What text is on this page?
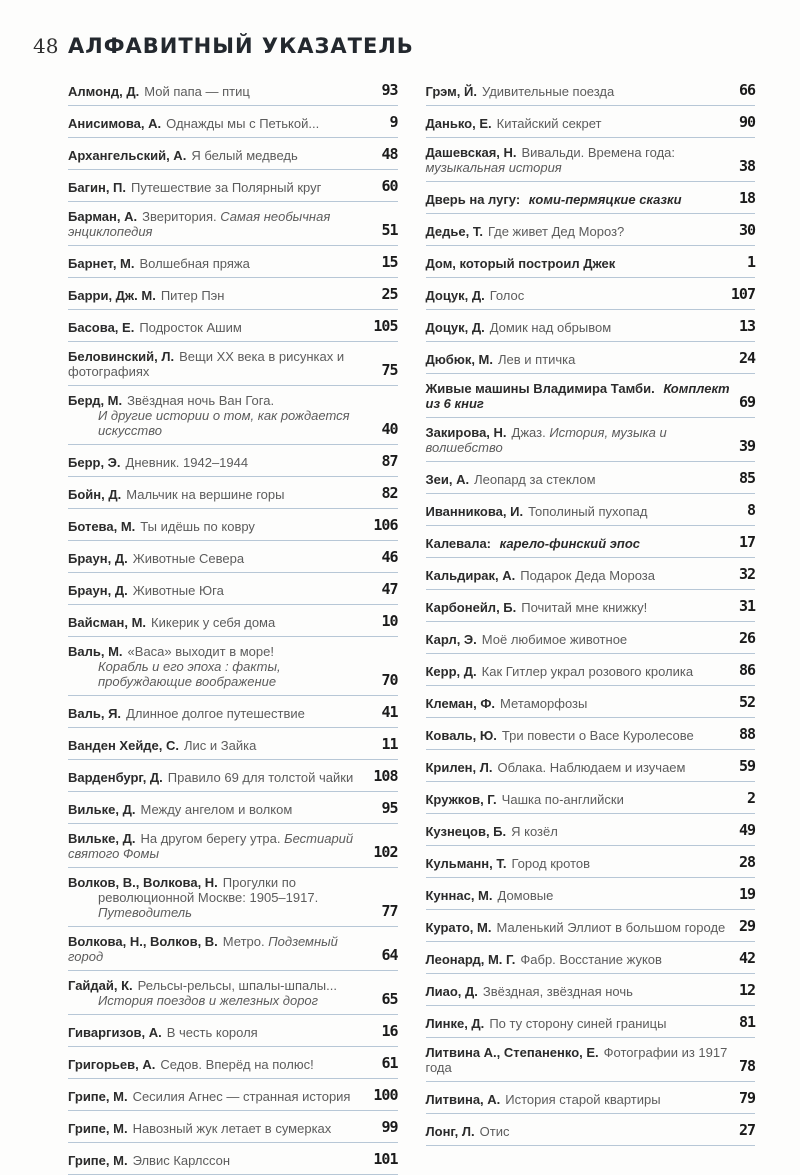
48 АЛФАВИТНЫЙ УКАЗАТЕЛЬ
Алмонд, Д. Мой папа — птиц	93
Анисимова, А. Однажды мы с Петькой...	9
Архангельский, А. Я белый медведь	48
Багин, П. Путешествие за Полярный круг	60
Барман, А. Зверитория. Самая необычная энциклопедия	51
Барнет, М. Волшебная пряжа	15
Барри, Дж. М. Питер Пэн	25
Басова, Е. Подросток Ашим	105
Беловинский, Л. Вещи XX века в рисунках и фотографиях	75
Берд, М. Звёздная ночь Ван Гога.
И другие истории о том, как рождается искусство	40
Берр, Э. Дневник. 1942–1944	87
Бойн, Д. Мальчик на вершине горы	82
Ботева, М. Ты идёшь по ковру	106
Браун, Д. Животные Севера	46
Браун, Д. Животные Юга	47
Вайсман, М. Кикерик у себя дома	10
Валь, М. «Васа» выходит в море!
Корабль и его эпоха : факты, пробуждающие воображение	70
Валь, Я. Длинное долгое путешествие	41
Ванден Хейде, С. Лис и Зайка	11
Варденбург, Д. Правило 69 для толстой чайки 108
Вильке, Д. Между ангелом и волком	95
Вильке, Д. На другом берегу утра. Бестиарий святого Фомы	102
Волков, В., Волкова, Н. Прогулки по
революционной Москве: 1905–1917. Путеводитель	77
Волкова, Н., Волков, В. Метро. Подземный город	64
Гайдай, К. Рельсы-рельсы, шпалы-шпалы...
История поездов и железных дорог	65
Гиваргизов, А. В честь короля	16
Григорьев, А. Седов. Вперёд на полюс!	61
Грипе, М. Сесилия Агнес — странная история 100
Грипе, М. Навозный жук летает в сумерках	99
Грипе, М. Элвис Карлссон	101
Грэм, Й. Удивительные поезда	66
Данько, Е. Китайский секрет	90
Дашевская, Н. Вивальди. Времена года: музыкальная история	38
Дверь на лугу: коми-пермяцкие сказки	18
Дедье, Т. Где живет Дед Мороз?	30
Дом, который построил Джек	1
Доцук, Д. Голос	107
Доцук, Д. Домик над обрывом	13
Дюбюк, М. Лев и птичка	24
Живые машины Владимира Тамби. Комплект из 6 книг	69
Закирова, Н. Джаз. История, музыка и волшебство	39
Зеи, А. Леопард за стеклом	85
Иванникова, И. Тополиный пухопад	8
Калевала: карело-финский эпос	17
Кальдирак, А. Подарок Деда Мороза	32
Карбонейл, Б. Почитай мне книжку!	31
Карл, Э. Моё любимое животное	26
Керр, Д. Как Гитлер украл розового кролика	86
Клеман, Ф. Метаморфозы	52
Коваль, Ю. Три повести о Васе Куролесове	88
Крилен, Л. Облака. Наблюдаем и изучаем	59
Кружков, Г. Чашка по-английски	2
Кузнецов, Б. Я козёл	49
Кульманн, Т. Город кротов	28
Куннас, М. Домовые	19
Курато, М. Маленький Эллиот в большом городе 29
Леонард, М. Г. Фабр. Восстание жуков	42
Лиао, Д. Звёздная, звёздная ночь	12
Линке, Д. По ту сторону синей границы	81
Литвина А., Степаненко, Е. Фотографии из 1917 года	78
Литвина, А. История старой квартиры	79
Лонг, Л. Отис	27
